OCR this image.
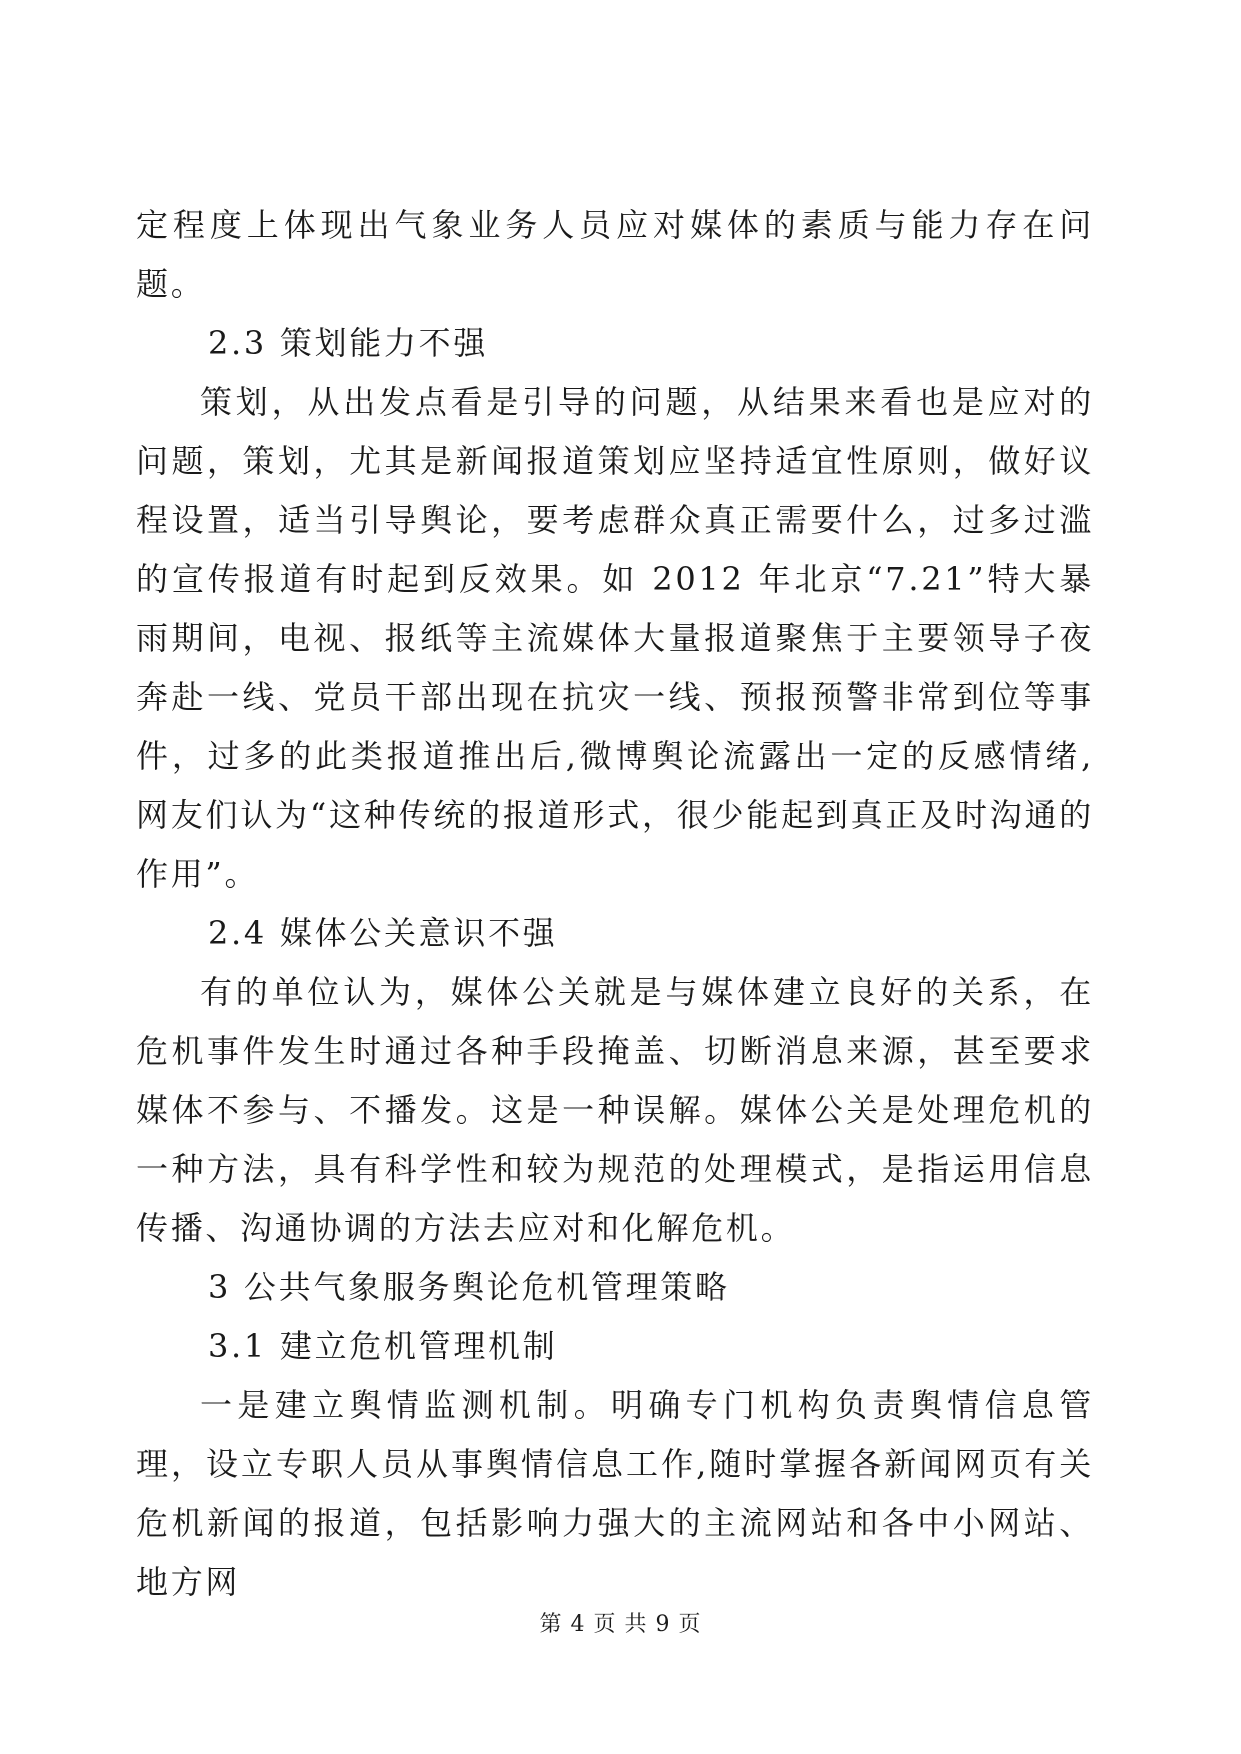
定程度上体现出气象业务人员应对媒体的素质与能力存在问题。

2.3 策划能力不强

策划，从出发点看是引导的问题，从结果来看也是应对的问题，策划，尤其是新闻报道策划应坚持适宜性原则，做好议程设置，适当引导舆论，要考虑群众真正需要什么，过多过滥的宣传报道有时起到反效果。如 2012 年北京“7.21”特大暴雨期间，电视、报纸等主流媒体大量报道聚焦于主要领导子夜奔赴一线、党员干部出现在抗灾一线、预报预警非常到位等事件，过多的此类报道推出后,微博舆论流露出一定的反感情绪,网友们认为“这种传统的报道形式，很少能起到真正及时沟通的作用”。

2.4 媒体公关意识不强

有的单位认为，媒体公关就是与媒体建立良好的关系，在危机事件发生时通过各种手段掩盖、切断消息来源，甚至要求媒体不参与、不播发。这是一种误解。媒体公关是处理危机的一种方法，具有科学性和较为规范的处理模式，是指运用信息传播、沟通协调的方法去应对和化解危机。

3 公共气象服务舆论危机管理策略

3.1 建立危机管理机制

一是建立舆情监测机制。明确专门机构负责舆情信息管理，设立专职人员从事舆情信息工作,随时掌握各新闻网页有关危机新闻的报道，包括影响力强大的主流网站和各中小网站、地方网

第 4 页 共 9 页
